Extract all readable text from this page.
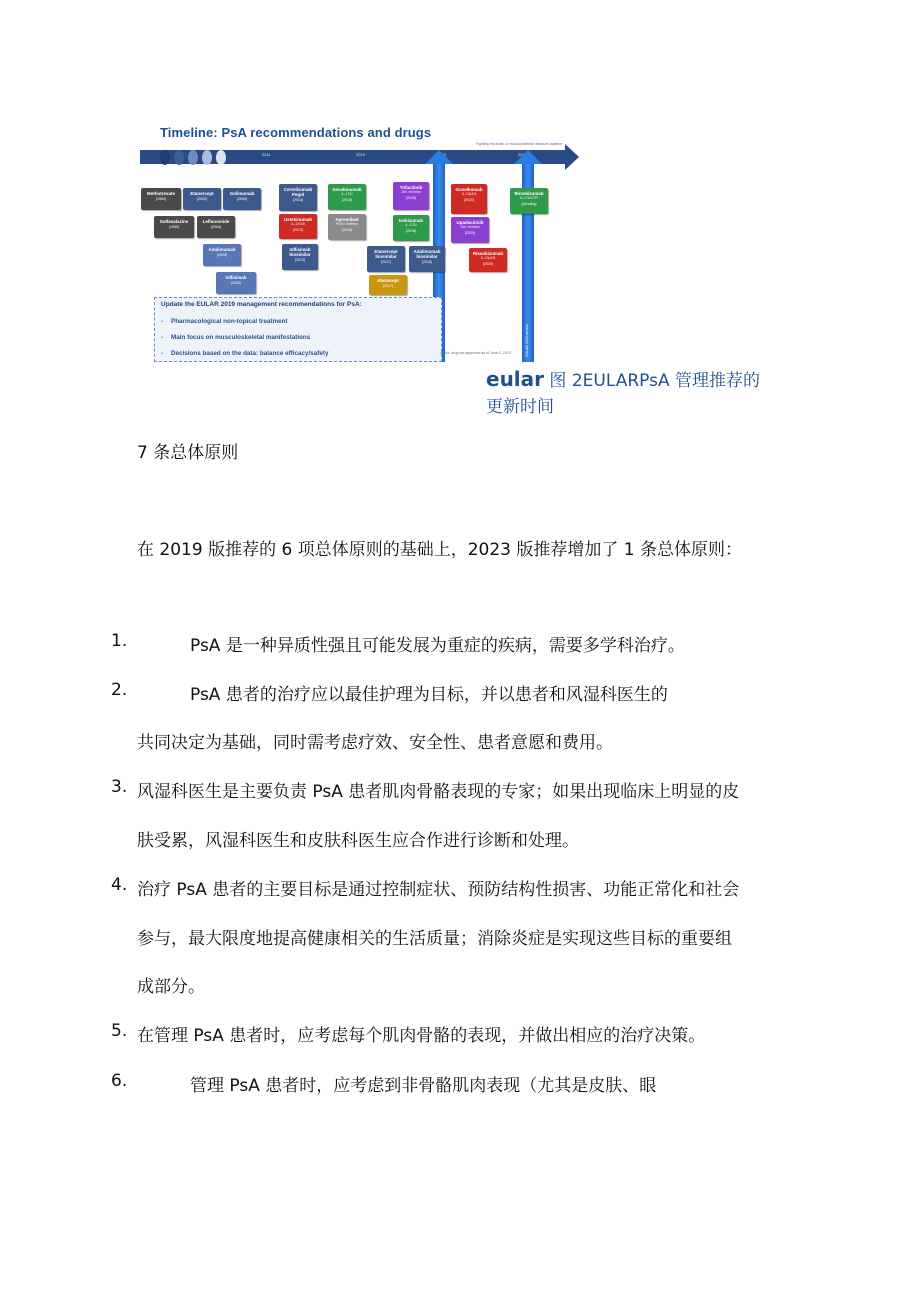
Timeline: PsA recommendations and drugs
Fighting rheumatic & musculoskeletal diseases together
2011	2015	2019	2023
EULAR 2023 version
Methotrexate
(1964)
Sulfasalazine
(1950)
Etanercept
(2002)
Golimumab
(2009)
Leflunomide
(2004)
Adalimumab
(2005)
Infliximab
(2005)
Certolizumab Pegol
(2013)
Ustekinumab
IL-12/23i
(2013)
Infliximab biosimilar
(2013)
Secukinumab
IL-17Ai
(2015)
Apremilast
PDE4 inhibitor
(2015)
Etanercept biosimilar
(2017)
Abatacept
(2017)
Tofacitinib
JAK inhibitor
(2018)
Ixekizumab
IL-17Ai
(2018)
Adalimumab biosimilar
(2018)
Guselkumab
IL-23p19i
(2020)
Upadacitinib
JAK inhibitor
(2020)
Risankizumab
IL-23p19i
(2022)
Bimekizumab
IL-17A/17Fi
(pending)
Update the EULAR 2019 management recommendations for PsA:
- Pharmacological non-topical treatment
- Main focus on musculoskeletal manifestations
- Decisions based on the data: balance efficacy/safety	Italics: drug not approved as of June 2, 2023
eular 图 2EULARPsA 管理推荐的
更新时间
7 条总体原则
在 2019 版推荐的 6 项总体原则的基础上，2023 版推荐增加了 1 条总体原则：
1.	PsA 是一种异质性强且可能发展为重症的疾病，需要多学科治疗。
2.	PsA 患者的治疗应以最佳护理为目标，并以患者和风湿科医生的
共同决定为基础，同时需考虑疗效、安全性、患者意愿和费用。
3. 风湿科医生是主要负责 PsA 患者肌肉骨骼表现的专家；如果出现临床上明显的皮
肤受累，风湿科医生和皮肤科医生应合作进行诊断和处理。
4. 治疗 PsA 患者的主要目标是通过控制症状、预防结构性损害、功能正常化和社会
参与，最大限度地提高健康相关的生活质量；消除炎症是实现这些目标的重要组
成部分。
5. 在管理 PsA 患者时，应考虑每个肌肉骨骼的表现，并做出相应的治疗决策。
6.	管理 PsA 患者时，应考虑到非骨骼肌肉表现（尤其是皮肤、眼
